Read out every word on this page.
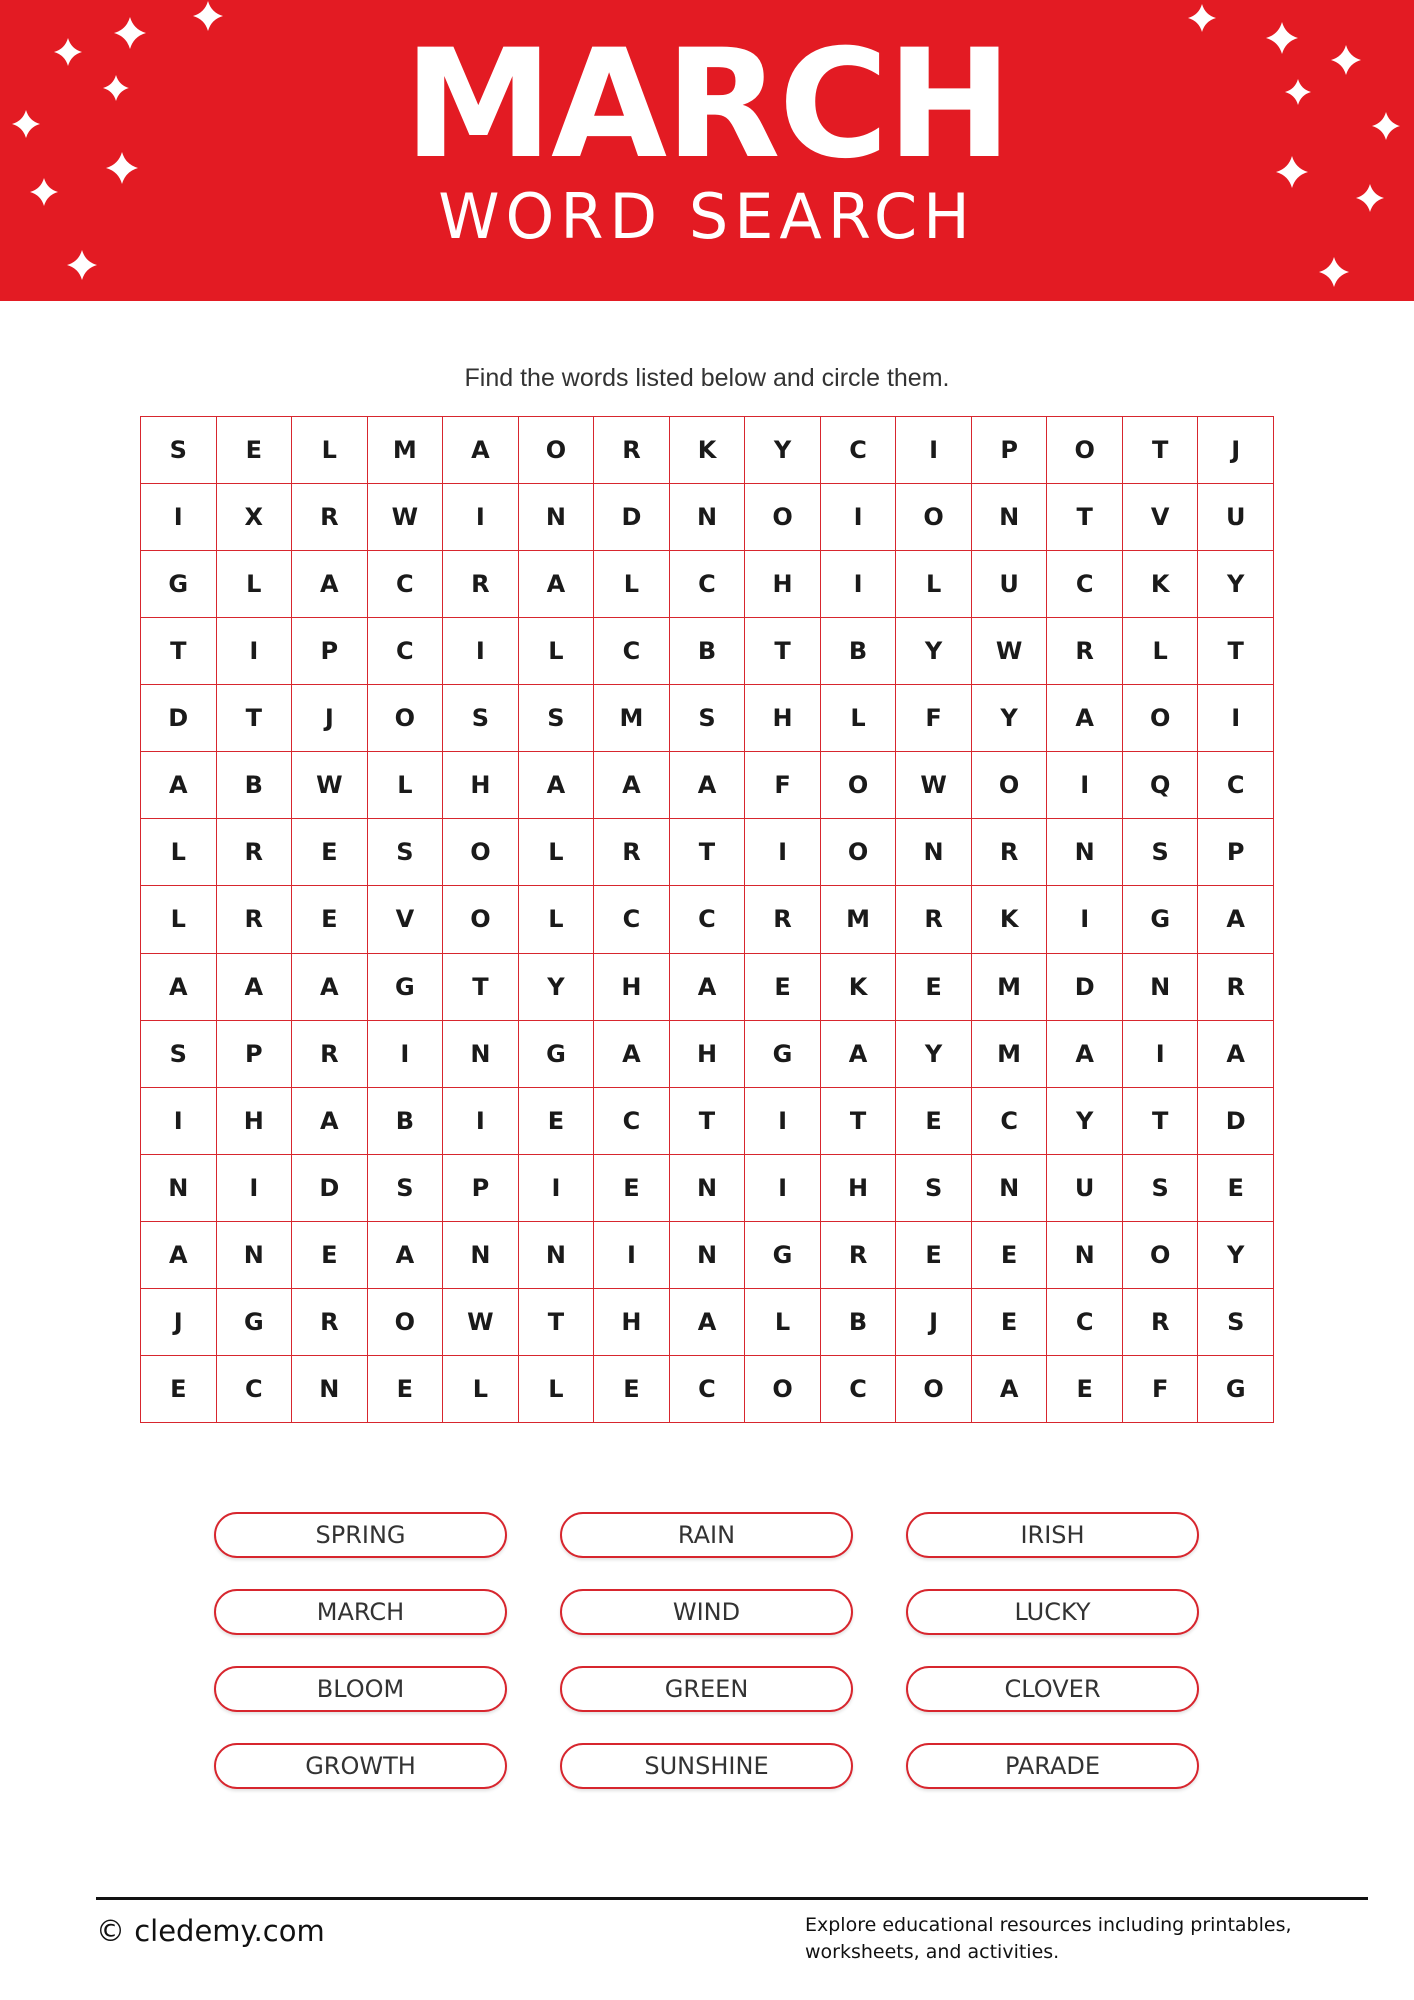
MARCH
WORD SEARCH
Find the words listed below and circle them.
S	E	L	M	A	O	R	K	Y	C	I	P	O	T	J
I	X	R	W	I	N	D	N	O	I	O	N	T	V	U
G	L	A	C	R	A	L	C	H	I	L	U	C	K	Y
T	I	P	C	I	L	C	B	T	B	Y	W	R	L	T
D	T	J	O	S	S	M	S	H	L	F	Y	A	O	I
A	B	W	L	H	A	A	A	F	O	W	O	I	Q	C
L	R	E	S	O	L	R	T	I	O	N	R	N	S	P
L	R	E	V	O	L	C	C	R	M	R	K	I	G	A
A	A	A	G	T	Y	H	A	E	K	E	M	D	N	R
S	P	R	I	N	G	A	H	G	A	Y	M	A	I	A
I	H	A	B	I	E	C	T	I	T	E	C	Y	T	D
N	I	D	S	P	I	E	N	I	H	S	N	U	S	E
A	N	E	A	N	N	I	N	G	R	E	E	N	O	Y
J	G	R	O	W	T	H	A	L	B	J	E	C	R	S
E	C	N	E	L	L	E	C	O	C	O	A	E	F	G
SPRING	RAIN	IRISH
MARCH	WIND	LUCKY
BLOOM	GREEN	CLOVER
GROWTH	SUNSHINE	PARADE
© cledemy.com	Explore educational resources including printables, worksheets, and activities.
